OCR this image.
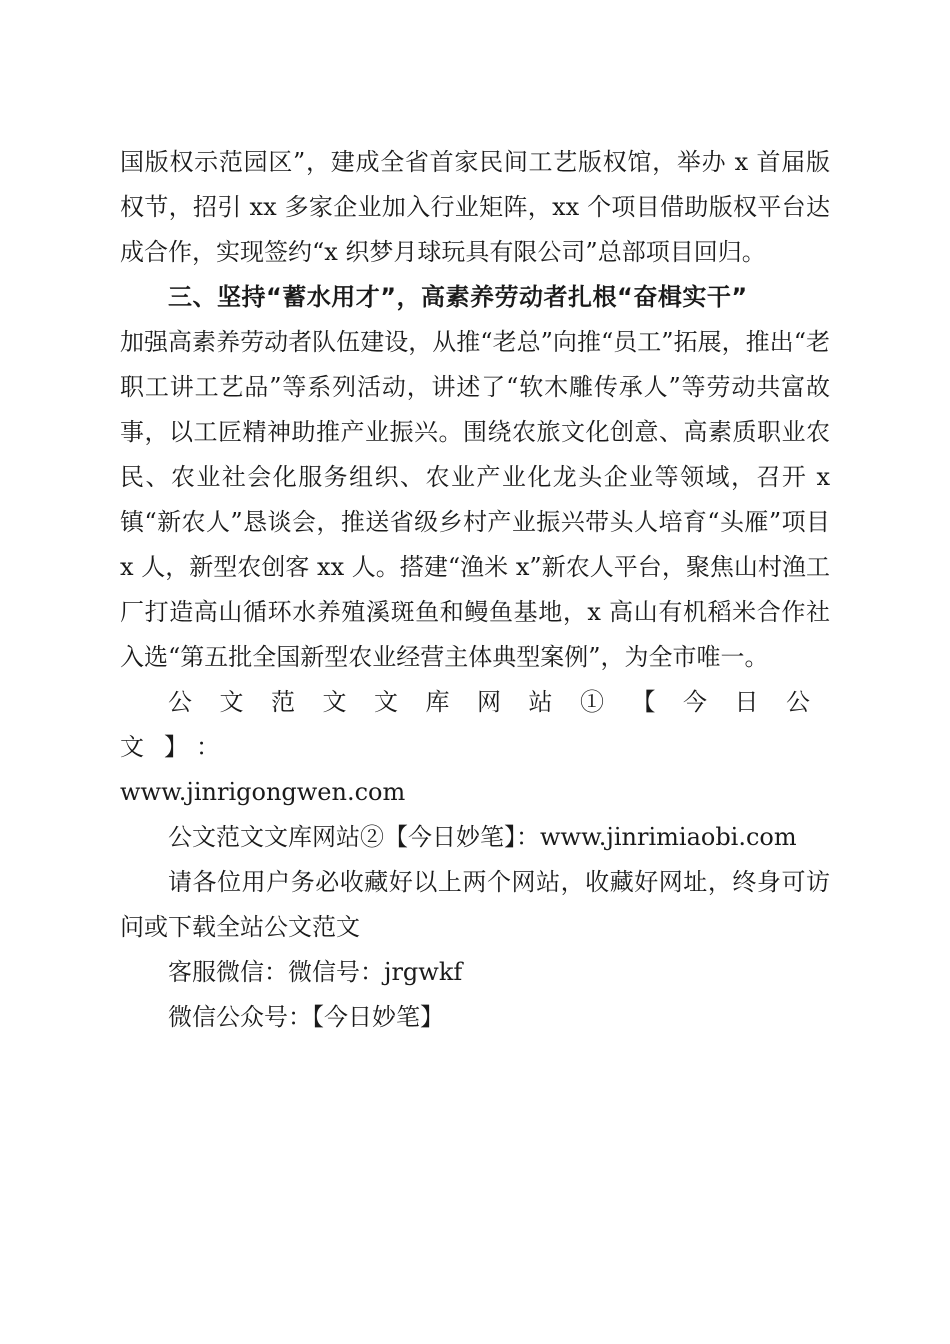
国版权示范园区”，建成全省首家民间工艺版权馆，举办 x 首届版权节，招引 xx 多家企业加入行业矩阵，xx 个项目借助版权平台达成合作，实现签约“x 织梦月球玩具有限公司”总部项目回归。

三、坚持“蓄水用才”，高素养劳动者扎根“奋楫实干”

加强高素养劳动者队伍建设，从推“老总”向推“员工”拓展，推出“老职工讲工艺品”等系列活动，讲述了“软木雕传承人”等劳动共富故事，以工匠精神助推产业振兴。围绕农旅文化创意、高素质职业农民、农业社会化服务组织、农业产业化龙头企业等领域，召开 x 镇“新农人”恳谈会，推送省级乡村产业振兴带头人培育“头雁”项目 x 人，新型农创客 xx 人。搭建“渔米 x”新农人平台，聚焦山村渔工厂打造高山循环水养殖溪斑鱼和鳗鱼基地，x 高山有机稻米合作社入选“第五批全国新型农业经营主体典型案例”，为全市唯一。

公文范文文库网站①【今日公文】：
www.jinrigongwen.com

公文范文文库网站②【今日妙笔】：www.jinrimiaobi.com

请各位用户务必收藏好以上两个网站，收藏好网址，终身可访问或下载全站公文范文

客服微信：微信号：jrgwkf

微信公众号：【今日妙笔】
